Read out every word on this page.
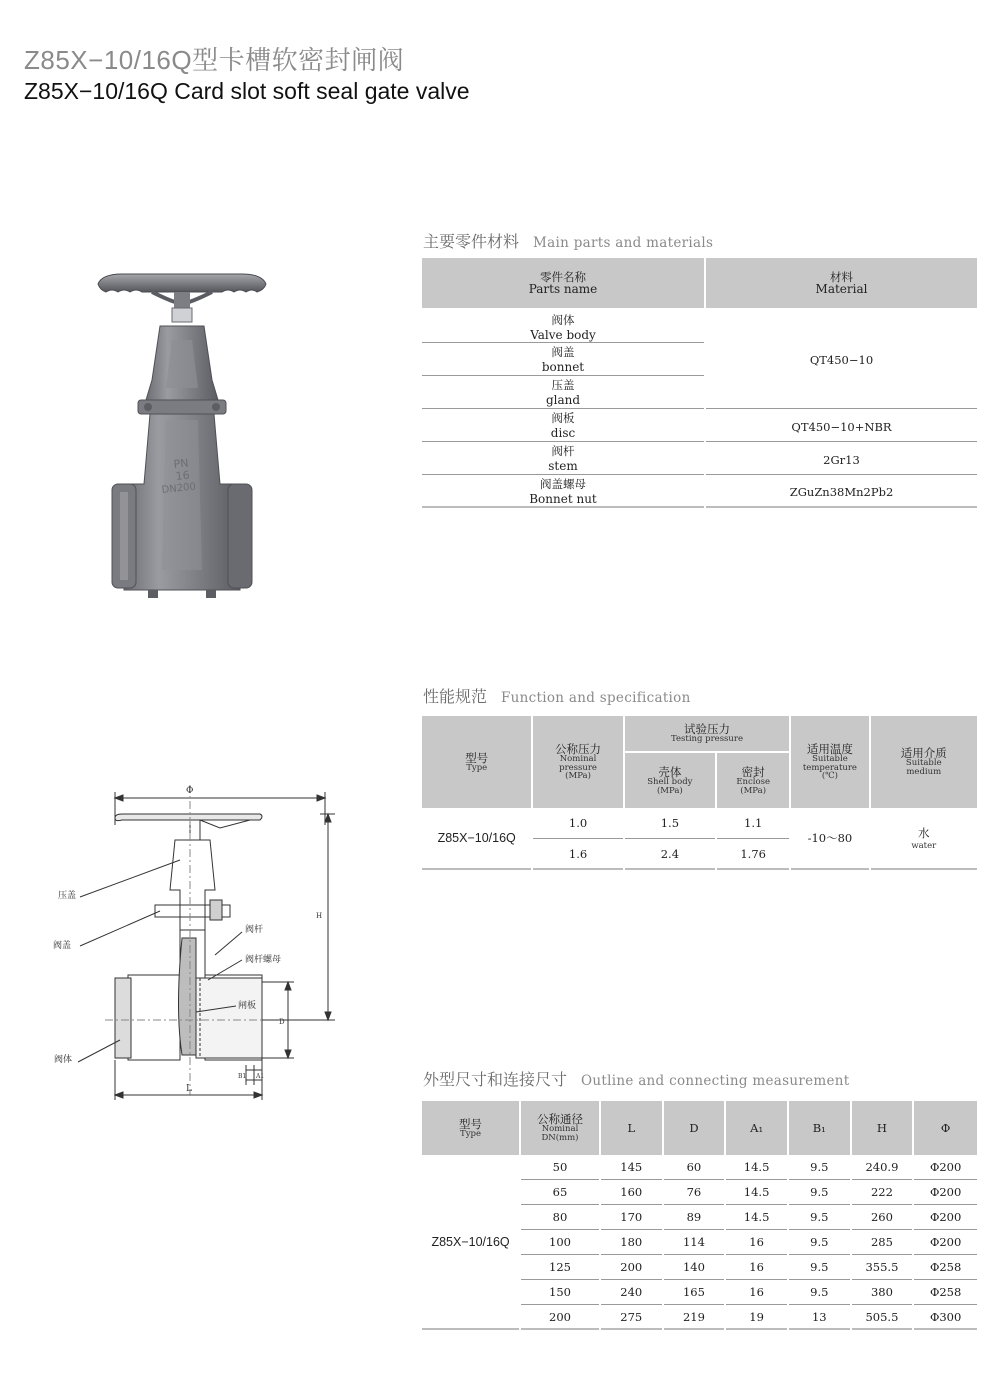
Z85X−10/16Q型卡槽软密封闸阀
Z85X−10/16Q Card slot soft seal gate valve
PN
16
DN200
Φ
H
D
L
A1
B1
压盖
阀盖
阀体
阀杆
阀杆螺母
闸板
主要零件材料 Main parts and materials
零件名称
Parts name	材料
Material

阀体
Valve body	QT450−10

阀盖
bonnet	

压盖
gland	

阀板
disc	QT450−10+NBR

阀杆
stem	2Gr13

阀盖螺母
Bonnet nut	ZGuZn38Mn2Pb2
性能规范 Function and specification
型号
Type	公称压力
Nominal
pressure
(MPa)	试验压力
Testing pressure		适用温度
Suitable
temperature
(℃)	适用介质
Suitable
medium

		壳体
Shell body
(MPa)	密封
Enclose
(MPa)		

Z85X−10/16Q	1.0	1.5	1.1	-10～80	水
water

	1.6	2.4	1.76		
外型尺寸和连接尺寸 Outline and connecting measurement
型号
Type	公称通径
Nominal
DN(mm)	L	D	A₁	B₁	H	Φ
Z85X−10/16Q	50	145	60	14.5	9.5	240.9	Φ200
	65	160	76	14.5	9.5	222	Φ200
	80	170	89	14.5	9.5	260	Φ200
	100	180	114	16	9.5	285	Φ200
	125	200	140	16	9.5	355.5	Φ258
	150	240	165	16	9.5	380	Φ258
	200	275	219	19	13	505.5	Φ300
